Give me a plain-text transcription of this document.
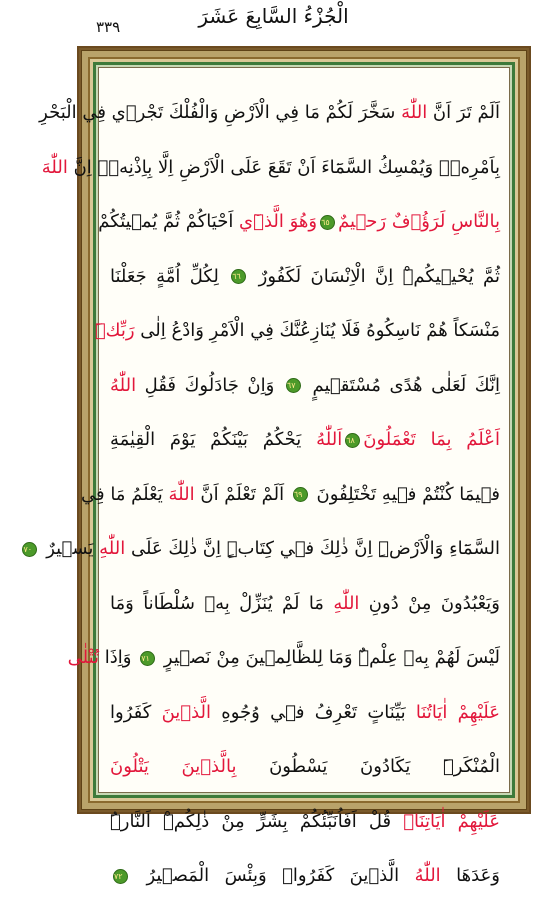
الْجُزْءُ السَّابِعَ عَشَرَ
٣٣٩
اَلَمْ تَرَ اَنَّ اللّٰهَ سَخَّرَ لَكُمْ مَا فِي الْاَرْضِ وَالْفُلْكَ تَجْر۪ي فِي الْبَحْرِ
بِاَمْرِه۪ۜ وَيُمْسِكُ السَّمَٓاءَ اَنْ تَقَعَ عَلَى الْاَرْضِ اِلَّا بِاِذْنِه۪ۜ اِنَّ اللّٰهَ
بِالنَّاسِ لَرَؤُ۫فٌ رَح۪يمٌ٦٥وَهُوَ الَّذ۪ٓي اَحْيَاكُمْ ثُمَّ يُم۪يتُكُمْ
ثُمَّ يُحْي۪يكُمْۜ اِنَّ الْاِنْسَانَ لَكَفُورٌ ٦٦ لِكُلِّ اُمَّةٍ جَعَلْنَا
مَنْسَكاً هُمْ نَاسِكُوهُ فَلَا يُنَازِعُنَّكَ فِي الْاَمْرِ وَادْعُ اِلٰى رَبِّكَۜ
اِنَّكَ لَعَلٰى هُدًى مُسْتَق۪يمٍ ٦٧ وَاِنْ جَادَلُوكَ فَقُلِ اللّٰهُ
اَعْلَمُ بِمَا تَعْمَلُونَ٦٨اَللّٰهُ يَحْكُمُ بَيْنَكُمْ يَوْمَ الْقِيٰمَةِ
ف۪يمَا كُنْتُمْ ف۪يهِ تَخْتَلِفُونَ ٦٩ اَلَمْ تَعْلَمْ اَنَّ اللّٰهَ يَعْلَمُ مَا فِي
السَّمَٓاءِ وَالْاَرْضِۜ اِنَّ ذٰلِكَ ف۪ي كِتَابٍۜ اِنَّ ذٰلِكَ عَلَى اللّٰهِ يَس۪يرٌ ٧٠
وَيَعْبُدُونَ مِنْ دُونِ اللّٰهِ مَا لَمْ يُنَزِّلْ بِه۪ سُلْطَاناً وَمَا
لَيْسَ لَهُمْ بِه۪ عِلْمٌۜ وَمَا لِلظَّالِم۪ينَ مِنْ نَص۪يرٍ ٧١ وَاِذَا تُتْلٰى
عَلَيْهِمْ اٰيَاتُنَا بَيِّنَاتٍ تَعْرِفُ ف۪ي وُجُوهِ الَّذ۪ينَ كَفَرُوا
الْمُنْكَرَۜ يَكَادُونَ يَسْطُونَ بِالَّذ۪ينَ يَتْلُونَ
عَلَيْهِمْ اٰيَاتِنَاۜ قُلْ اَفَاُنَبِّئُكُمْ بِشَرٍّ مِنْ ذٰلِكُمْۜ اَلنَّارُۜ
وَعَدَهَا اللّٰهُ الَّذ۪ينَ كَفَرُواۜ وَبِئْسَ الْمَص۪يرُ ٧٢
